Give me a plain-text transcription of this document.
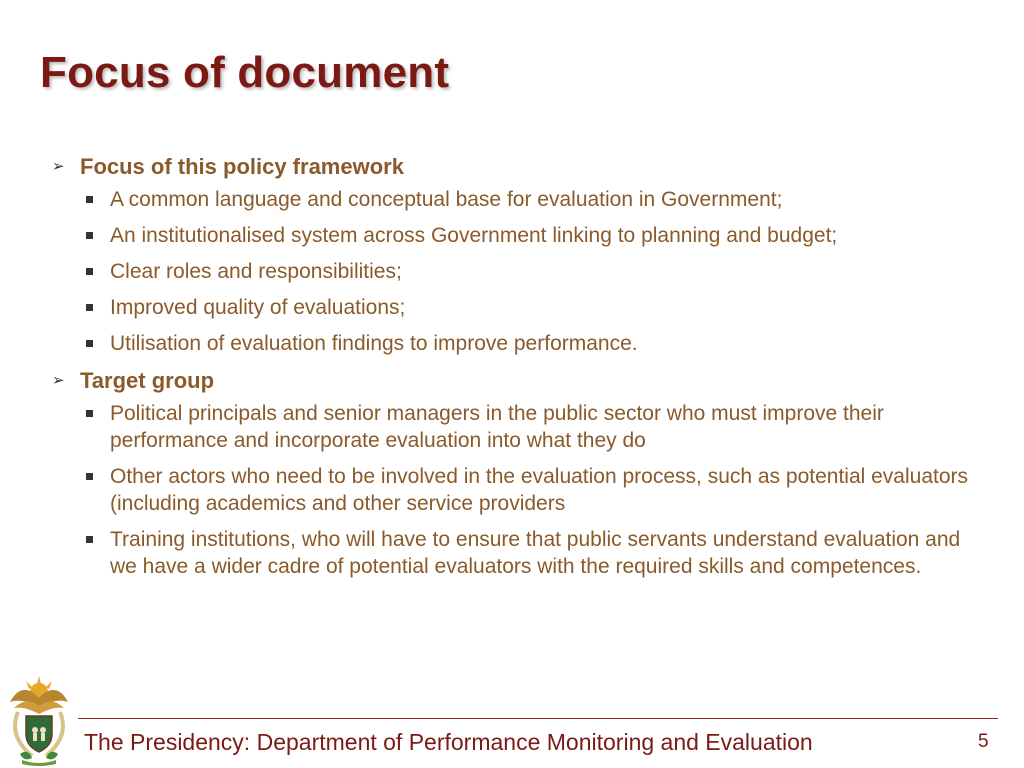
Focus of document
➢ Focus of this policy framework
A common language and conceptual base for evaluation in Government;
An institutionalised system across Government linking to planning and budget;
Clear roles and responsibilities;
Improved quality of evaluations;
Utilisation of evaluation findings to improve performance.
➢ Target group
Political principals and senior managers in the public sector who must improve their performance and incorporate evaluation into what they do
Other actors who need to be involved in the evaluation process, such as potential evaluators (including academics and other service providers
Training institutions, who will have to ensure that public servants understand evaluation and we have a wider cadre of potential evaluators with the required skills and competences.
The Presidency: Department of Performance Monitoring and Evaluation	5
